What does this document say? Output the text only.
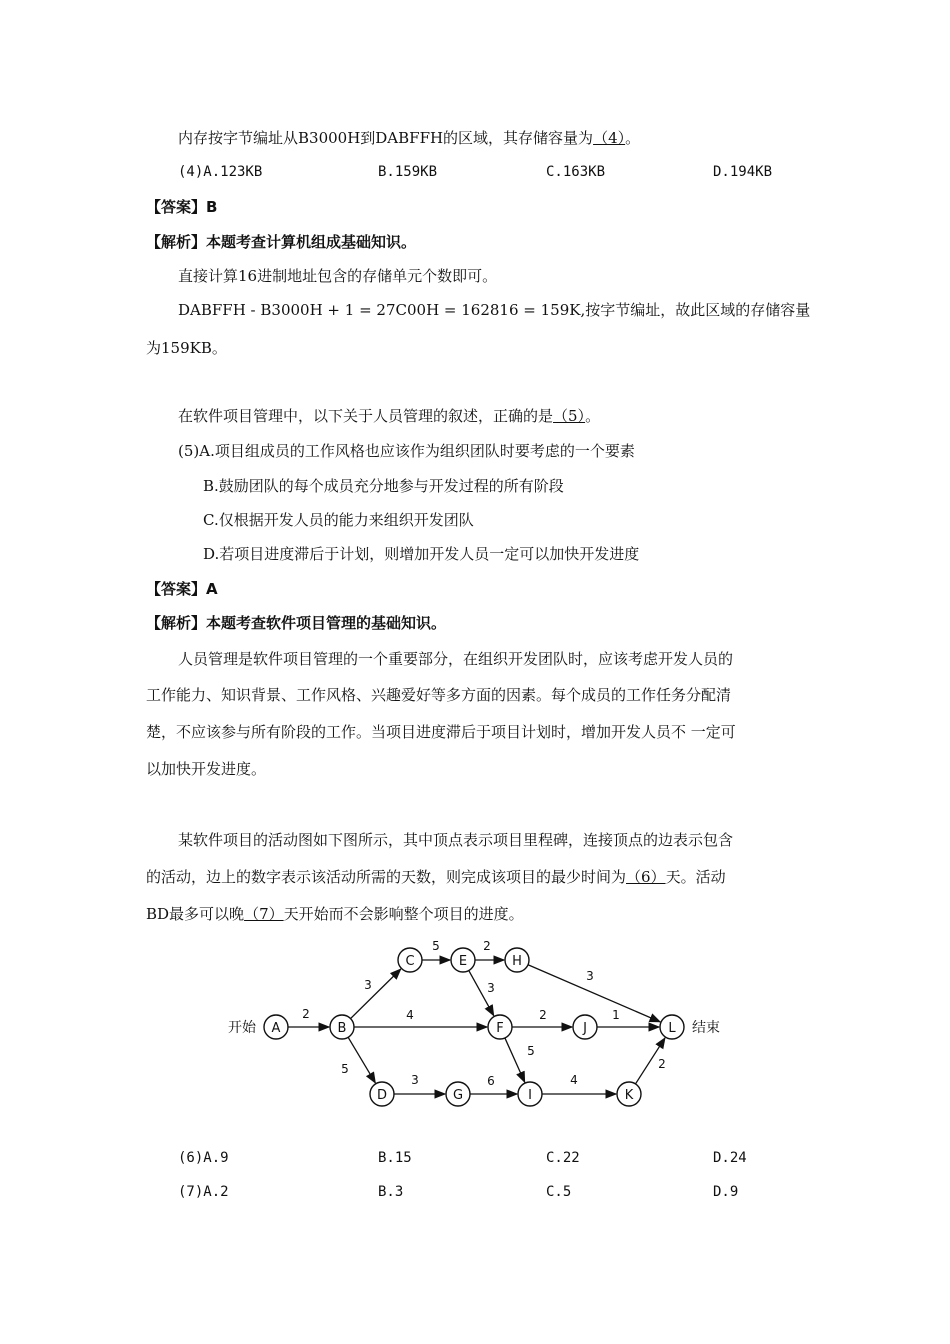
内存按字节编址从B3000H到DABFFH的区域，其存储容量为（4）。
(4)A.123KB	B.159KB	C.163KB	D.194KB
【答案】B
【解析】本题考查计算机组成基础知识。
直接计算16进制地址包含的存储单元个数即可。
DABFFH - B3000H + 1 = 27C00H = 162816 = 159K,按字节编址，故此区域的存储容量
为159KB。
在软件项目管理中，以下关于人员管理的叙述，正确的是（5）。
(5)A.项目组成员的工作风格也应该作为组织团队时要考虑的一个要素
B.鼓励团队的每个成员充分地参与开发过程的所有阶段
C.仅根据开发人员的能力来组织开发团队
D.若项目进度滞后于计划，则增加开发人员一定可以加快开发进度
【答案】A
【解析】本题考查软件项目管理的基础知识。
人员管理是软件项目管理的一个重要部分，在组织开发团队时，应该考虑开发人员的
工作能力、知识背景、工作风格、兴趣爱好等多方面的因素。每个成员的工作任务分配清
楚，不应该参与所有阶段的工作。当项目进度滞后于项目计划时，增加开发人员不 一定可
以加快开发进度。
某软件项目的活动图如下图所示，其中顶点表示项目里程碑，连接顶点的边表示包含
的活动，边上的数字表示该活动所需的天数，则完成该项目的最少时间为（6）天。活动
BD最多可以晚（7）天开始而不会影响整个项目的进度。
2
3
4
5
5	2
3
3
2	1
5
3	6	4
2
A	B
C
D
E
F
G
H
I
J
K
L
开始	结束
(6)A.9	B.15	C.22	D.24
(7)A.2	B.3	C.5	D.9
